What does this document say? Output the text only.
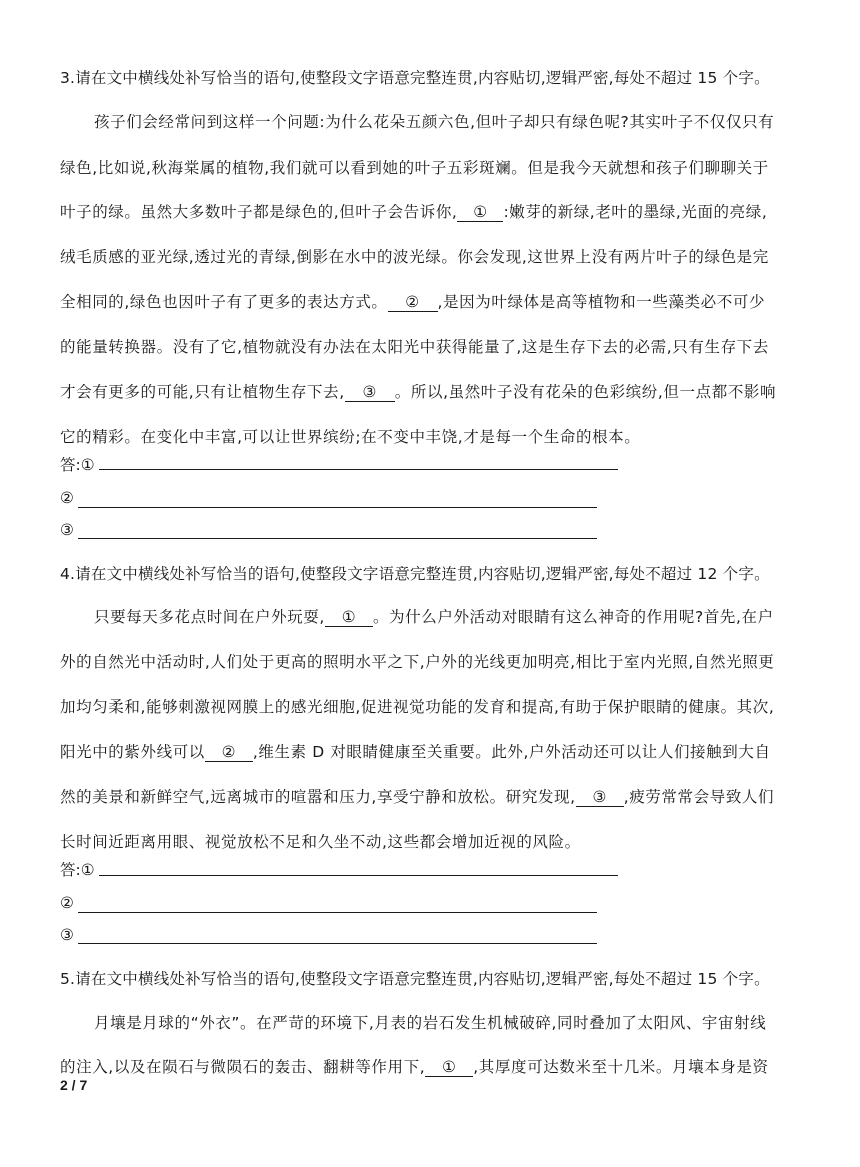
3.请在文中横线处补写恰当的语句,使整段文字语意完整连贯,内容贴切,逻辑严密,每处不超过 15 个字。
孩子们会经常问到这样一个问题:为什么花朵五颜六色,但叶子却只有绿色呢?其实叶子不仅仅只有
绿色,比如说,秋海棠属的植物,我们就可以看到她的叶子五彩斑斓。但是我今天就想和孩子们聊聊关于
叶子的绿。虽然大多数叶子都是绿色的,但叶子会告诉你, ① :嫩芽的新绿,老叶的墨绿,光面的亮绿,
绒毛质感的亚光绿,透过光的青绿,倒影在水中的波光绿。你会发现,这世界上没有两片叶子的绿色是完
全相同的,绿色也因叶子有了更多的表达方式。 ② ,是因为叶绿体是高等植物和一些藻类必不可少
的能量转换器。没有了它,植物就没有办法在太阳光中获得能量了,这是生存下去的必需,只有生存下去
才会有更多的可能,只有让植物生存下去, ③ 。所以,虽然叶子没有花朵的色彩缤纷,但一点都不影响
它的精彩。在变化中丰富,可以让世界缤纷;在不变中丰饶,才是每一个生命的根本。
答:①
②
③
4.请在文中横线处补写恰当的语句,使整段文字语意完整连贯,内容贴切,逻辑严密,每处不超过 12 个字。
只要每天多花点时间在户外玩耍, ① 。为什么户外活动对眼睛有这么神奇的作用呢?首先,在户
外的自然光中活动时,人们处于更高的照明水平之下,户外的光线更加明亮,相比于室内光照,自然光照更
加均匀柔和,能够刺激视网膜上的感光细胞,促进视觉功能的发育和提高,有助于保护眼睛的健康。其次,
阳光中的紫外线可以 ② ,维生素 D 对眼睛健康至关重要。此外,户外活动还可以让人们接触到大自
然的美景和新鲜空气,远离城市的喧嚣和压力,享受宁静和放松。研究发现, ③ ,疲劳常常会导致人们
长时间近距离用眼、视觉放松不足和久坐不动,这些都会增加近视的风险。
答:①
②
③
5.请在文中横线处补写恰当的语句,使整段文字语意完整连贯,内容贴切,逻辑严密,每处不超过 15 个字。
月壤是月球的“外衣”。在严苛的环境下,月表的岩石发生机械破碎,同时叠加了太阳风、宇宙射线
的注入,以及在陨石与微陨石的轰击、翻耕等作用下, ① ,其厚度可达数米至十几米。月壤本身是资
2 / 7
